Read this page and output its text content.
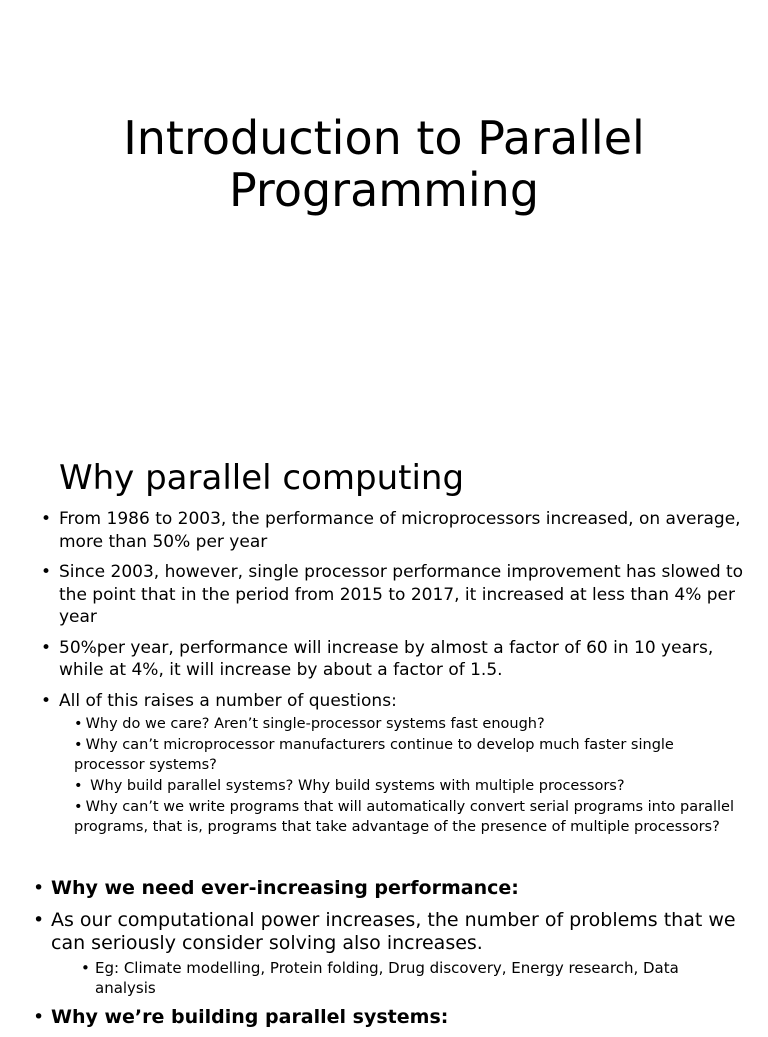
Introduction to Parallel
Programming
Why parallel computing
• From 1986 to 2003, the performance of microprocessors increased, on average, more than 50% per year
• Since 2003, however, single processor performance improvement has slowed to the point that in the period from 2015 to 2017, it increased at less than 4% per year
• 50%per year, performance will increase by almost a factor of 60 in 10 years, while at 4%, it will increase by about a factor of 1.5.
• All of this raises a number of questions:
• Why do we care? Aren’t single-processor systems fast enough?
• Why can’t microprocessor manufacturers continue to develop much faster single processor systems?
• Why build parallel systems? Why build systems with multiple processors?
• Why can’t we write programs that will automatically convert serial programs into parallel programs, that is, programs that take advantage of the presence of multiple processors?
• Why we need ever-increasing performance:
• As our computational power increases, the number of problems that we can seriously consider solving also increases.
• Eg: Climate modelling, Protein folding, Drug discovery, Energy research, Data analysis
• Why we’re building parallel systems:
